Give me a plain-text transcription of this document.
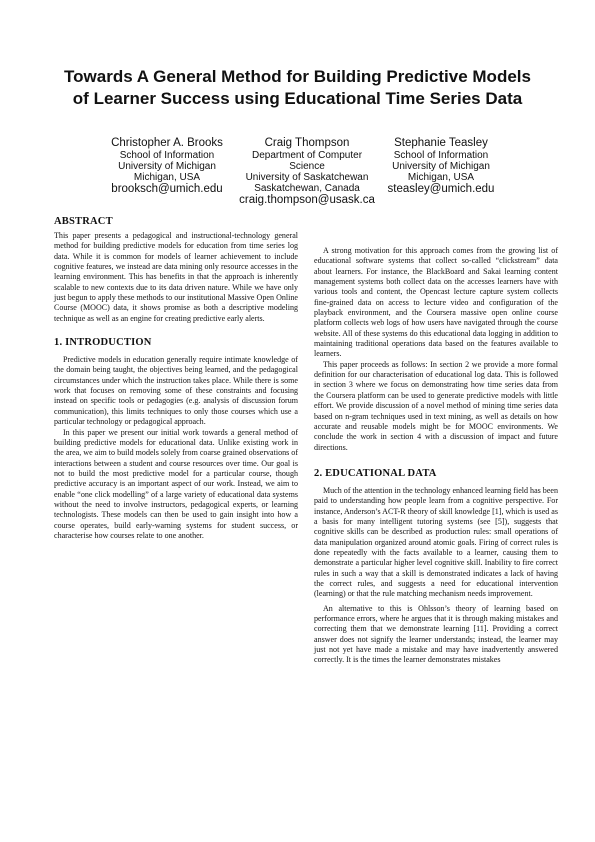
Towards A General Method for Building Predictive Models
of Learner Success using Educational Time Series Data
Christopher A. Brooks
School of Information
University of Michigan
Michigan, USA
brooksch@umich.edu
Craig Thompson
Department of Computer
Science
University of Saskatchewan
Saskatchewan, Canada
craig.thompson@usask.ca
Stephanie Teasley
School of Information
University of Michigan
Michigan, USA
steasley@umich.edu
ABSTRACT

This paper presents a pedagogical and instructional-technology general method for building predictive models for education from time series log data. While it is common for models of learner achievement to include cognitive features, we instead are data mining only resource accesses in the learning environment. This has benefits in that the approach is inherently scalable to new contexts due to its data driven nature. While we have only just begun to apply these methods to our institutional Massive Open Online Course (MOOC) data, it shows promise as both a descriptive modeling technique as well as an engine for creating predictive early alerts.

1. INTRODUCTION

Predictive models in education generally require intimate knowledge of the domain being taught, the objectives being learned, and the pedagogical circumstances under which the instruction takes place. While there is some work that focuses on removing some of these constraints and focusing instead on specific tools or pedagogies (e.g. analysis of discussion forum communication), this limits techniques to only those courses which use a particular technology or pedagogical approach.

In this paper we present our initial work towards a general method of building predictive models for educational data. Unlike existing work in the area, we aim to build models solely from coarse grained observations of interactions between a student and course resources over time. Our goal is not to build the most predictive model for a particular course, though predictive accuracy is an important aspect of our work. Instead, we aim to enable “one click modelling” of a large variety of educational data systems without the need to involve instructors, pedagogical experts, or learning technologists. These models can then be used to gain insight into how a course operates, build early-warning systems for student success, or characterise how courses relate to one another.

A strong motivation for this approach comes from the growing list of educational software systems that collect so-called “clickstream” data about learners. For instance, the BlackBoard and Sakai learning content management systems both collect data on the accesses learners have with various tools and content, the Opencast lecture capture system collects fine-grained data on access to lecture video and configuration of the playback environment, and the Coursera massive open online course platform collects web logs of how users have navigated through the course website. All of these systems do this educational data logging in addition to maintaining traditional operations data based on the features available to learners.

This paper proceeds as follows: In section 2 we provide a more formal definition for our characterisation of educational log data. This is followed in section 3 where we focus on demonstrating how time series data from the Coursera platform can be used to generate predictive models with little effort. We provide discussion of a novel method of mining time series data based on n-gram techniques used in text mining, as well as details on how accurate and reusable models might be for MOOC environments. We conclude the work in section 4 with a discussion of impact and future directions.

2. EDUCATIONAL DATA

Much of the attention in the technology enhanced learning field has been paid to understanding how people learn from a cognitive perspective. For instance, Anderson’s ACT-R theory of skill knowledge [1], which is used as a basis for many intelligent tutoring systems (see [5]), suggests that cognitive skills can be described as production rules: small operations of data manipulation organized around atomic goals. Firing of correct rules is done repeatedly with the facts available to a learner, causing them to demonstrate a particular higher level cognitive skill. Inability to fire correct rules in such a way that a skill is demonstrated indicates a lack of having the correct rules, and suggests a need for educational intervention (learning) or that the rule matching mechanism needs improvement.

An alternative to this is Ohlsson’s theory of learning based on performance errors, where he argues that it is through making mistakes and correcting them that we demonstrate learning [11]. Providing a correct answer does not signify the learner understands; instead, the learner may just not yet have made a mistake and may have inadvertently answered correctly. It is the times the learner demonstrates mistakes
